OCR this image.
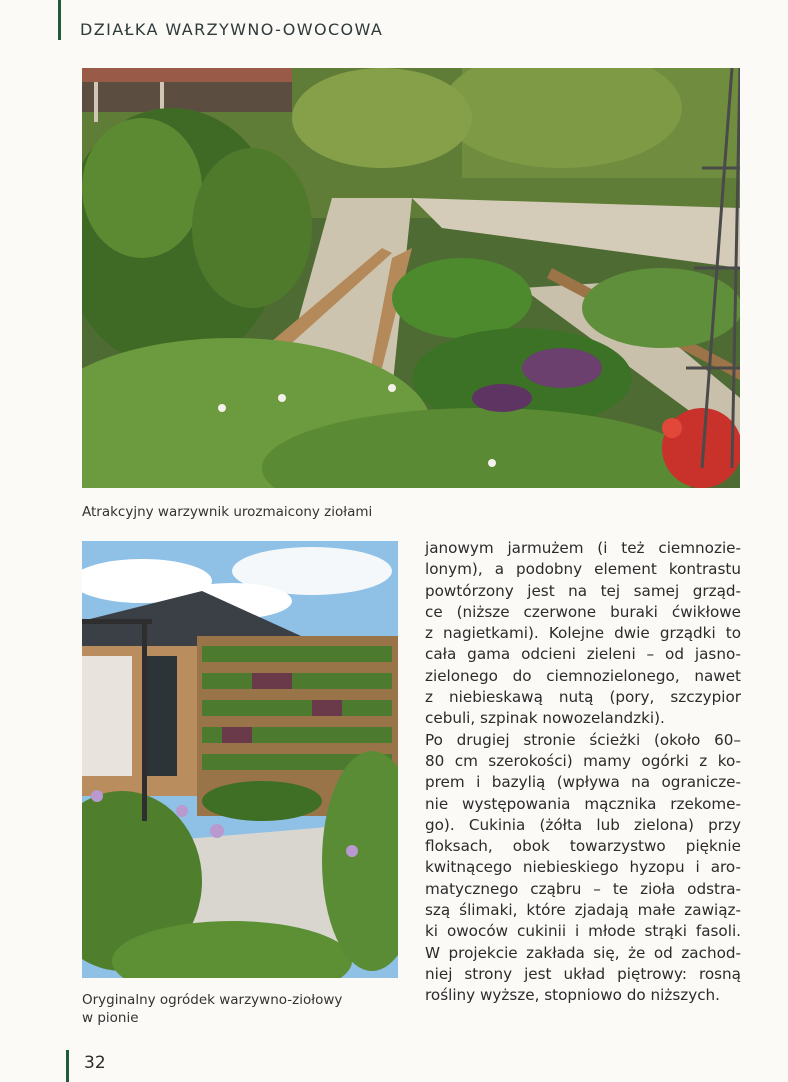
DZIAŁKA WARZYWNO-OWOCOWA
Atrakcyjny warzywnik urozmaicony ziołami
Oryginalny ogródek warzywno-ziołowy
w pionie
janowym jarmużem (i też ciemnozie-
lonym), a podobny element kontrastu
powtórzony jest na tej samej grząd-
ce (niższe czerwone buraki ćwikłowe
z nagietkami). Kolejne dwie grządki to
cała gama odcieni zieleni – od jasno-
zielonego do ciemnozielonego, nawet
z niebieskawą nutą (pory, szczypior
cebuli, szpinak nowozelandzki).
Po drugiej stronie ścieżki (około 60–
80 cm szerokości) mamy ogórki z ko-
prem i bazylią (wpływa na ogranicze-
nie występowania mącznika rzekome-
go). Cukinia (żółta lub zielona) przy
floksach, obok towarzystwo pięknie
kwitnącego niebieskiego hyzopu i aro-
matycznego cząbru – te zioła odstra-
szą ślimaki, które zjadają małe zawiąz-
ki owoców cukinii i młode strąki fasoli.
W projekcie zakłada się, że od zachod-
niej strony jest układ piętrowy: rosną
rośliny wyższe, stopniowo do niższych.
32
